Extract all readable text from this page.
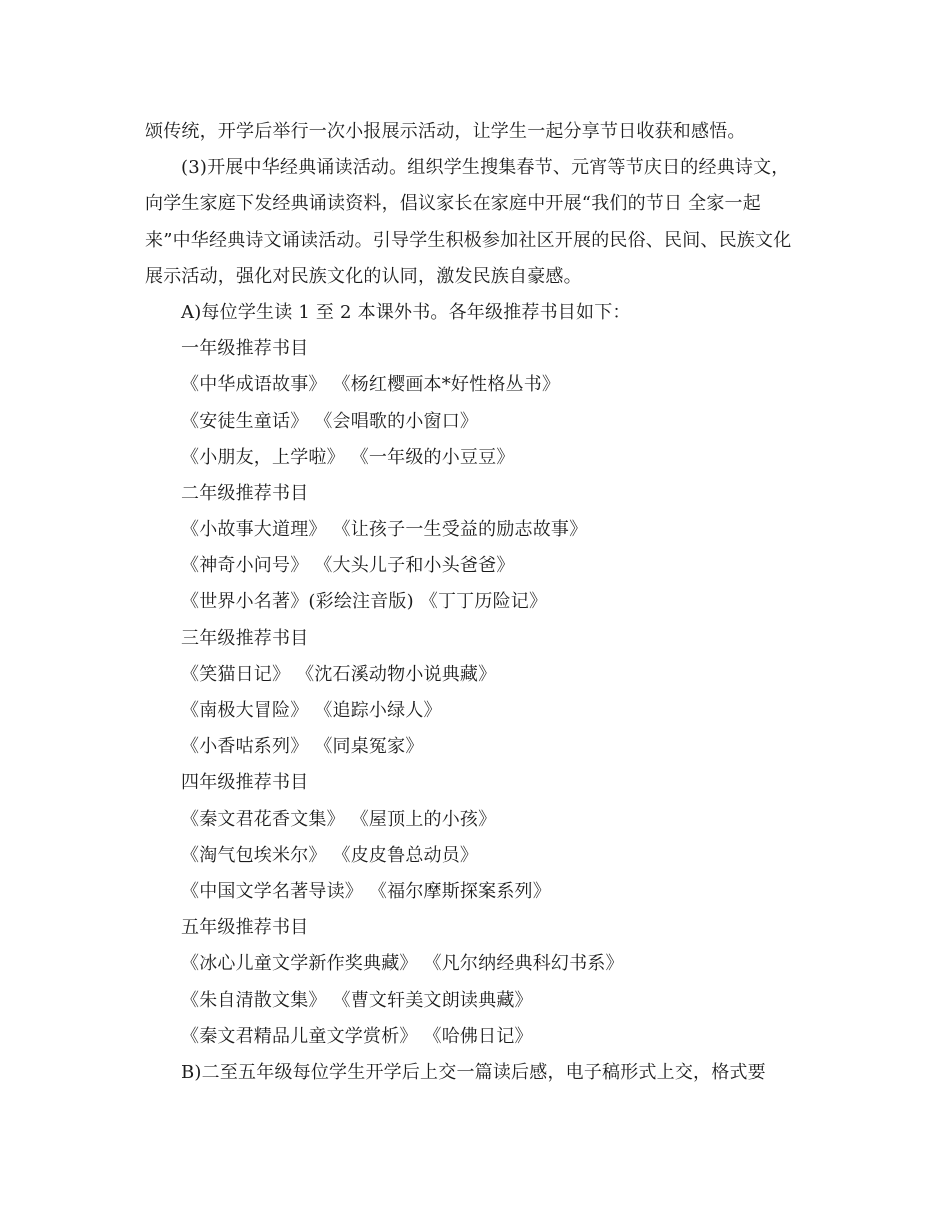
颂传统，开学后举行一次小报展示活动，让学生一起分享节日收获和感悟。
(3)开展中华经典诵读活动。组织学生搜集春节、元宵等节庆日的经典诗文，
向学生家庭下发经典诵读资料，倡议家长在家庭中开展“我们的节日 全家一起
来”中华经典诗文诵读活动。引导学生积极参加社区开展的民俗、民间、民族文化
展示活动，强化对民族文化的认同，激发民族自豪感。
A)每位学生读 1 至 2 本课外书。各年级推荐书目如下：
一年级推荐书目
《中华成语故事》 《杨红樱画本*好性格丛书》
《安徒生童话》 《会唱歌的小窗口》
《小朋友，上学啦》 《一年级的小豆豆》
二年级推荐书目
《小故事大道理》 《让孩子一生受益的励志故事》
《神奇小问号》 《大头儿子和小头爸爸》
《世界小名著》(彩绘注音版) 《丁丁历险记》
三年级推荐书目
《笑猫日记》 《沈石溪动物小说典藏》
《南极大冒险》 《追踪小绿人》
《小香咕系列》 《同桌冤家》
四年级推荐书目
《秦文君花香文集》 《屋顶上的小孩》
《淘气包埃米尔》 《皮皮鲁总动员》
《中国文学名著导读》 《福尔摩斯探案系列》
五年级推荐书目
《冰心儿童文学新作奖典藏》 《凡尔纳经典科幻书系》
《朱自清散文集》 《曹文轩美文朗读典藏》
《秦文君精品儿童文学赏析》 《哈佛日记》
B)二至五年级每位学生开学后上交一篇读后感，电子稿形式上交，格式要
